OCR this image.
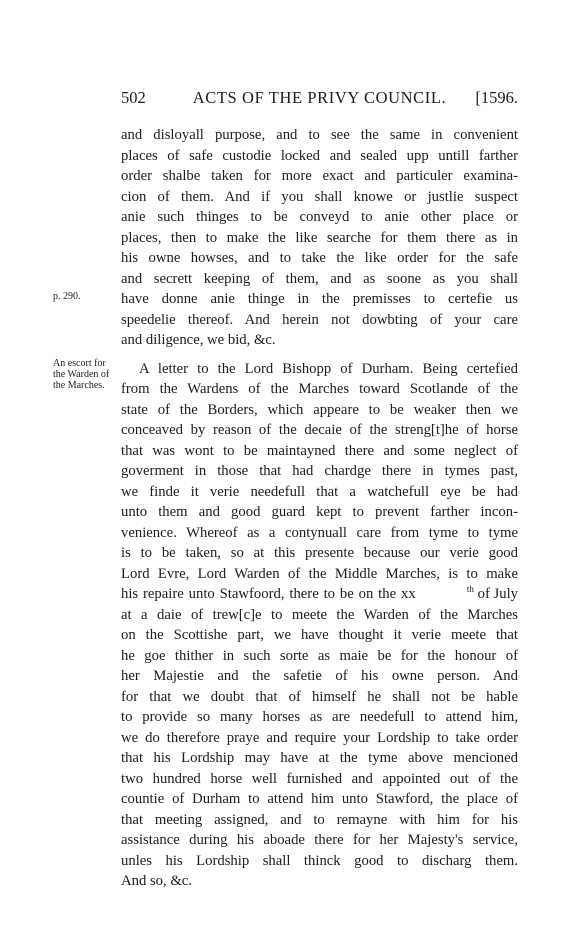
502	ACTS OF THE PRIVY COUNCIL.	[1596.
p. 290.
An escort for
the Warden of
the Marches.
and disloyall purpose, and to see the same in convenient
places of safe custodie locked and sealed upp untill farther
order shalbe taken for more exact and particuler examina-
cion of them. And if you shall knowe or justlie suspect
anie such thinges to be conveyd to anie other place or
places, then to make the like searche for them there as in
his owne howses, and to take the like order for the safe
and secrett keeping of them, and as soone as you shall
have donne anie thinge in the premisses to certefie us
speedelie thereof. And herein not dowbting of your care
and diligence, we bid, &c.
A letter to the Lord Bishopp of Durham. Being certefied
from the Wardens of the Marches toward Scotlande of the
state of the Borders, which appeare to be weaker then we
conceaved by reason of the decaie of the streng[t]he of horse
that was wont to be maintayned there and some neglect of
goverment in those that had chardge there in tymes past,
we finde it verie needefull that a watchefull eye be had
unto them and good guard kept to prevent farther incon-
venience. Whereof as a contynuall care from tyme to tyme
is to be taken, so at this presente because our verie good
Lord Evre, Lord Warden of the Middle Marches, is to make
his repaire unto Stawfoord, there to be on the xx	$^{th}$ of July
at a daie of trew[c]e to meete the Warden of the Marches
on the Scottishe part, we have thought it verie meete that
he goe thither in such sorte as maie be for the honour of
her Majestie and the safetie of his owne person. And
for that we doubt that of himself he shall not be hable
to provide so many horses as are needefull to attend him,
we do therefore praye and require your Lordship to take order
that his Lordship may have at the tyme above mencioned
two hundred horse well furnished and appointed out of the
countie of Durham to attend him unto Stawford, the place of
that meeting assigned, and to remayne with him for his
assistance during his aboade there for her Majesty's service,
unles his Lordship shall thinck good to discharg them.
And so, &c.
